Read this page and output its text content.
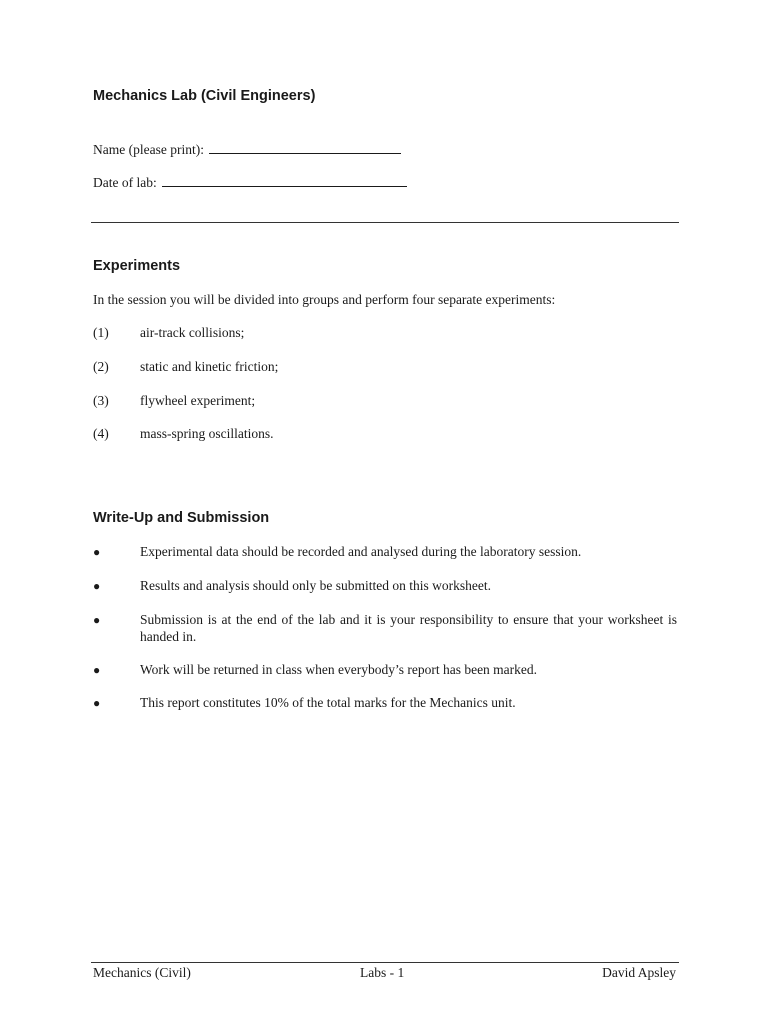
Mechanics Lab (Civil Engineers)
Name (please print):
Date of lab:
Experiments
In the session you will be divided into groups and perform four separate experiments:
(1) air-track collisions;
(2) static and kinetic friction;
(3) flywheel experiment;
(4) mass-spring oscillations.
Write-Up and Submission
●	Experimental data should be recorded and analysed during the laboratory session.
●	Results and analysis should only be submitted on this worksheet.
●	Submission is at the end of the lab and it is your responsibility to ensure that your worksheet is handed in.
●	Work will be returned in class when everybody’s report has been marked.
●	This report constitutes 10% of the total marks for the Mechanics unit.
Mechanics (Civil)	Labs - 1	David Apsley
